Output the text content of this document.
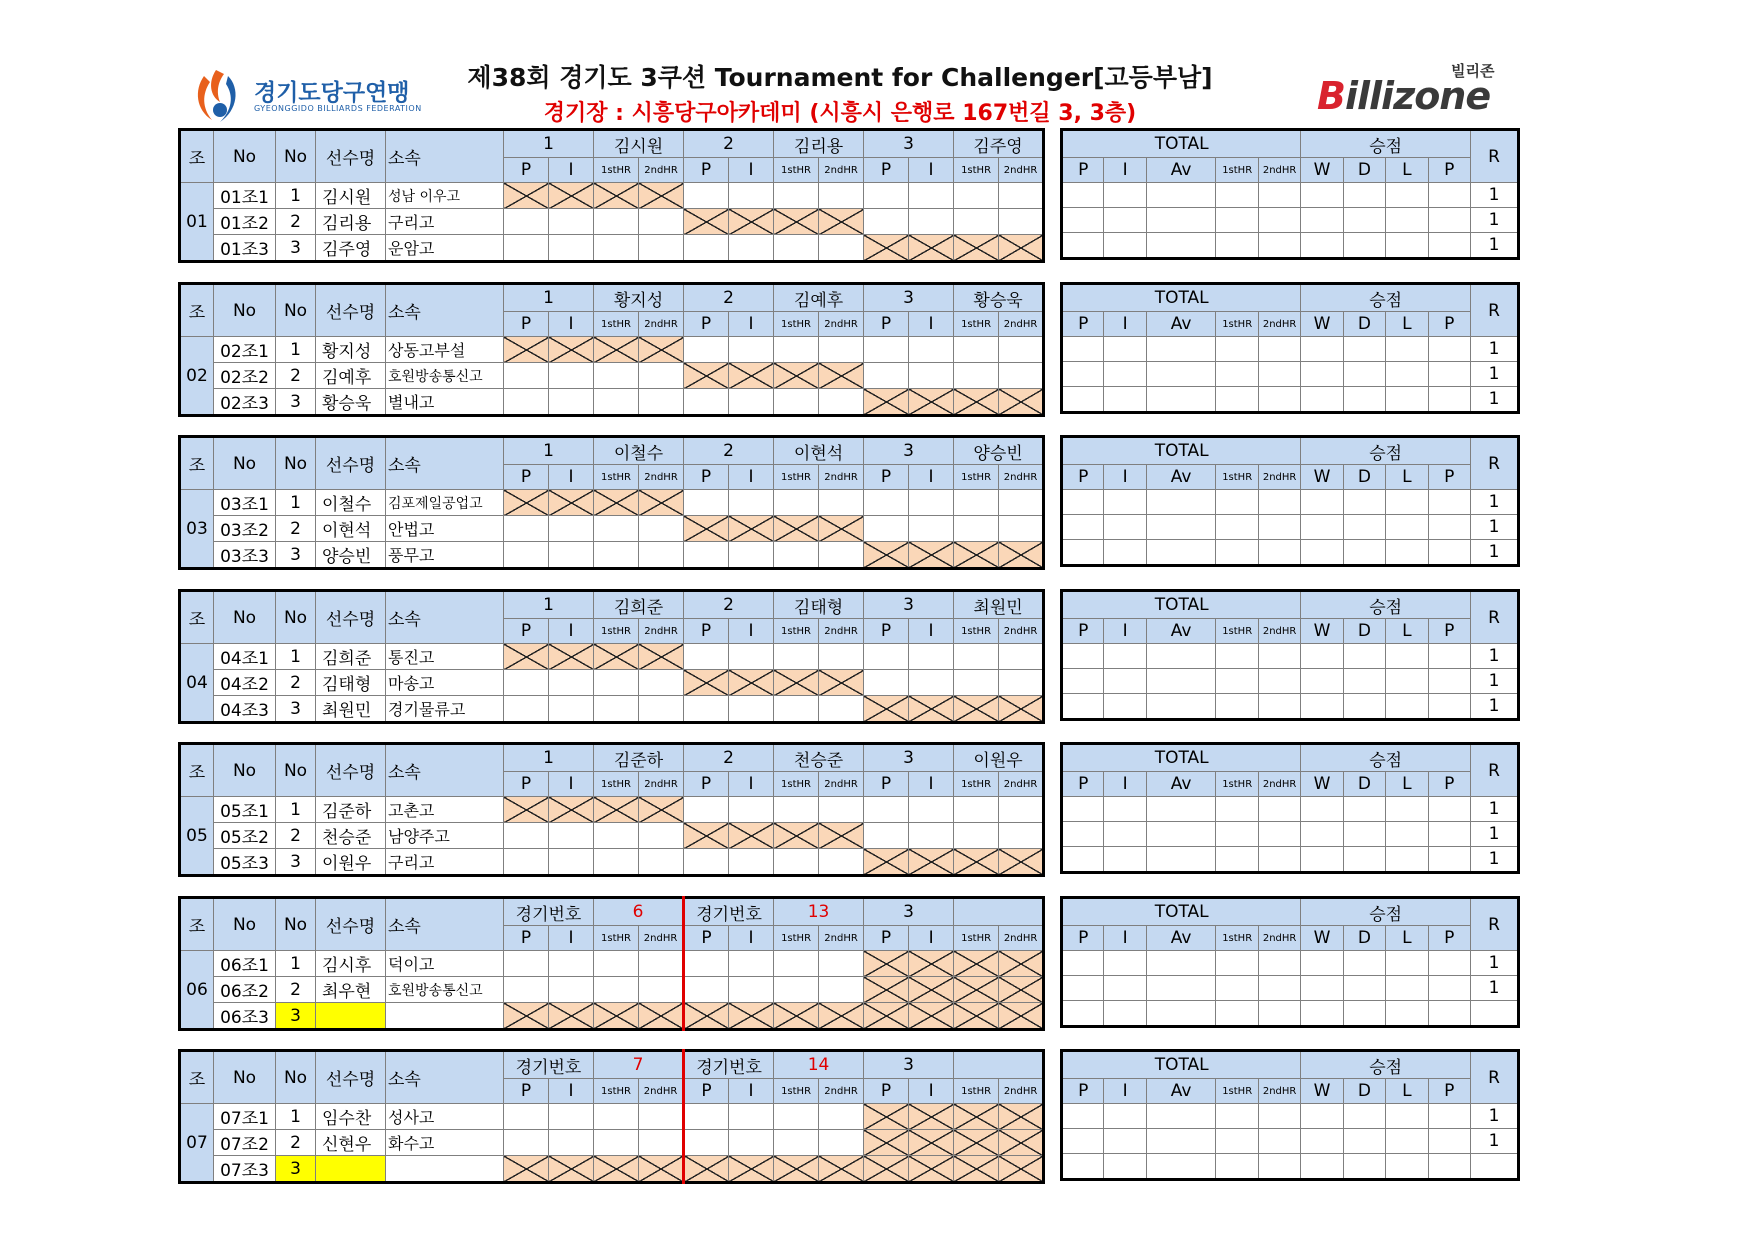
경기도당구연맹
GYEONGGIDO BILLIARDS FEDERATION
제38회 경기도 3쿠션 Tournament for Challenger[고등부남]
경기장 : 시흥당구아카데미 (시흥시 은행로 167번길 3, 3층)
빌리존
Billizone
조	No	No	선수명	소속	1	김시원	2	김리용	3	김주영
P	I	1stHR	2ndHR	P	I	1stHR	2ndHR	P	I	1stHR	2ndHR
01	01조1	1	김시원	성남 이우고												
01조2	2	김리용	구리고												
01조3	3	김주영	운암고												
TOTAL	승점	R
P	I	Av	1stHR	2ndHR	W	D	L	P
									1
									1
									1
조	No	No	선수명	소속	1	황지성	2	김예후	3	황승욱
P	I	1stHR	2ndHR	P	I	1stHR	2ndHR	P	I	1stHR	2ndHR
02	02조1	1	황지성	상동고부설												
02조2	2	김예후	호원방송통신고												
02조3	3	황승욱	별내고												
TOTAL	승점	R
P	I	Av	1stHR	2ndHR	W	D	L	P
									1
									1
									1
조	No	No	선수명	소속	1	이철수	2	이현석	3	양승빈
P	I	1stHR	2ndHR	P	I	1stHR	2ndHR	P	I	1stHR	2ndHR
03	03조1	1	이철수	김포제일공업고												
03조2	2	이현석	안법고												
03조3	3	양승빈	풍무고												
TOTAL	승점	R
P	I	Av	1stHR	2ndHR	W	D	L	P
									1
									1
									1
조	No	No	선수명	소속	1	김희준	2	김태형	3	최원민
P	I	1stHR	2ndHR	P	I	1stHR	2ndHR	P	I	1stHR	2ndHR
04	04조1	1	김희준	통진고												
04조2	2	김태형	마송고												
04조3	3	최원민	경기물류고												
TOTAL	승점	R
P	I	Av	1stHR	2ndHR	W	D	L	P
									1
									1
									1
조	No	No	선수명	소속	1	김준하	2	천승준	3	이원우
P	I	1stHR	2ndHR	P	I	1stHR	2ndHR	P	I	1stHR	2ndHR
05	05조1	1	김준하	고촌고												
05조2	2	천승준	남양주고												
05조3	3	이원우	구리고												
TOTAL	승점	R
P	I	Av	1stHR	2ndHR	W	D	L	P
									1
									1
									1
조	No	No	선수명	소속	경기번호	6	경기번호	13	3	
P	I	1stHR	2ndHR	P	I	1stHR	2ndHR	P	I	1stHR	2ndHR
06	06조1	1	김시후	덕이고												
06조2	2	최우현	호원방송통신고												
06조3	3														
TOTAL	승점	R
P	I	Av	1stHR	2ndHR	W	D	L	P
									1
									1

조	No	No	선수명	소속	경기번호	7	경기번호	14	3	
P	I	1stHR	2ndHR	P	I	1stHR	2ndHR	P	I	1stHR	2ndHR
07	07조1	1	임수찬	성사고												
07조2	2	신현우	화수고												
07조3	3														
TOTAL	승점	R
P	I	Av	1stHR	2ndHR	W	D	L	P
									1
									1
